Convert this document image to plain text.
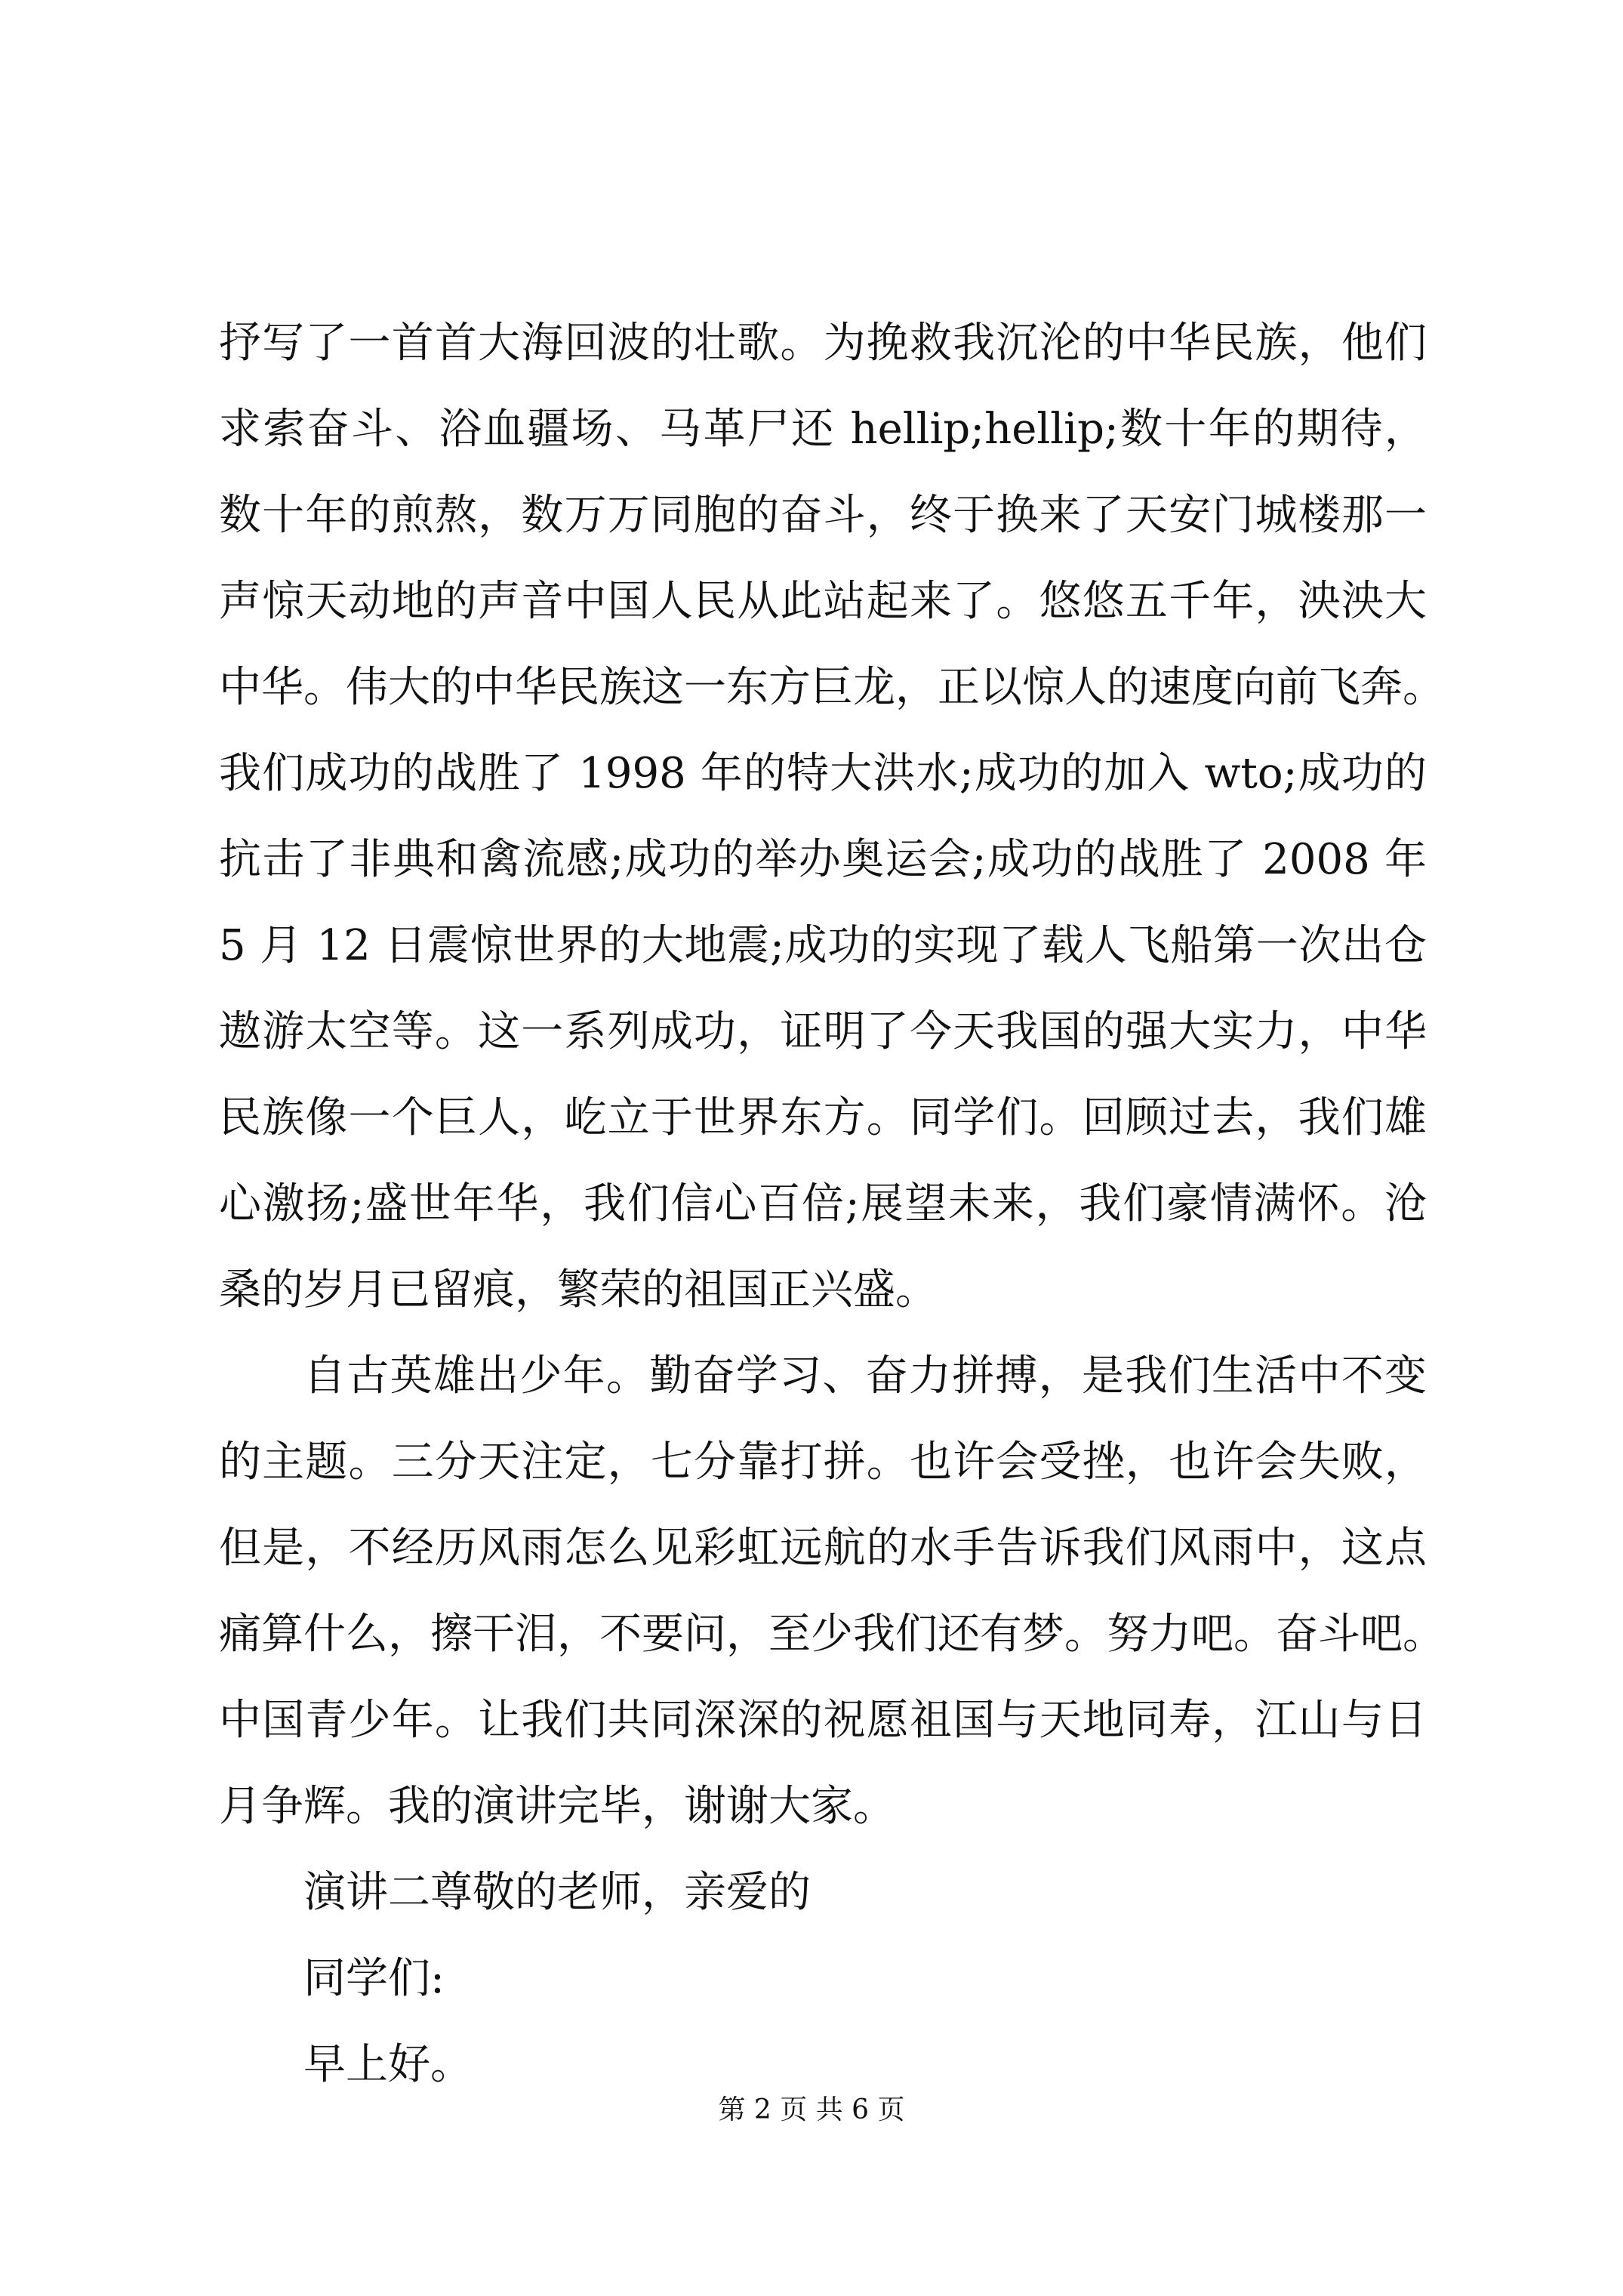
抒写了一首首大海回波的壮歌。为挽救我沉沦的中华民族，他们
求索奋斗、浴血疆场、马革尸还 hellip;hellip;数十年的期待，
数十年的煎熬，数万万同胞的奋斗，终于换来了天安门城楼那一
声惊天动地的声音中国人民从此站起来了。悠悠五千年，泱泱大
中华。伟大的中华民族这一东方巨龙，正以惊人的速度向前飞奔。
我们成功的战胜了 1998 年的特大洪水;成功的加入 wto;成功的
抗击了非典和禽流感;成功的举办奥运会;成功的战胜了 2008 年
5 月 12 日震惊世界的大地震;成功的实现了载人飞船第一次出仓
遨游太空等。这一系列成功，证明了今天我国的强大实力，中华
民族像一个巨人，屹立于世界东方。同学们。回顾过去，我们雄
心激扬;盛世年华，我们信心百倍;展望未来，我们豪情满怀。沧
桑的岁月已留痕，繁荣的祖国正兴盛。
自古英雄出少年。勤奋学习、奋力拼搏，是我们生活中不变
的主题。三分天注定，七分靠打拼。也许会受挫，也许会失败，
但是，不经历风雨怎么见彩虹远航的水手告诉我们风雨中，这点
痛算什么，擦干泪，不要问，至少我们还有梦。努力吧。奋斗吧。
中国青少年。让我们共同深深的祝愿祖国与天地同寿，江山与日
月争辉。我的演讲完毕，谢谢大家。
演讲二尊敬的老师，亲爱的
同学们:
早上好。
第 2 页 共 6 页
